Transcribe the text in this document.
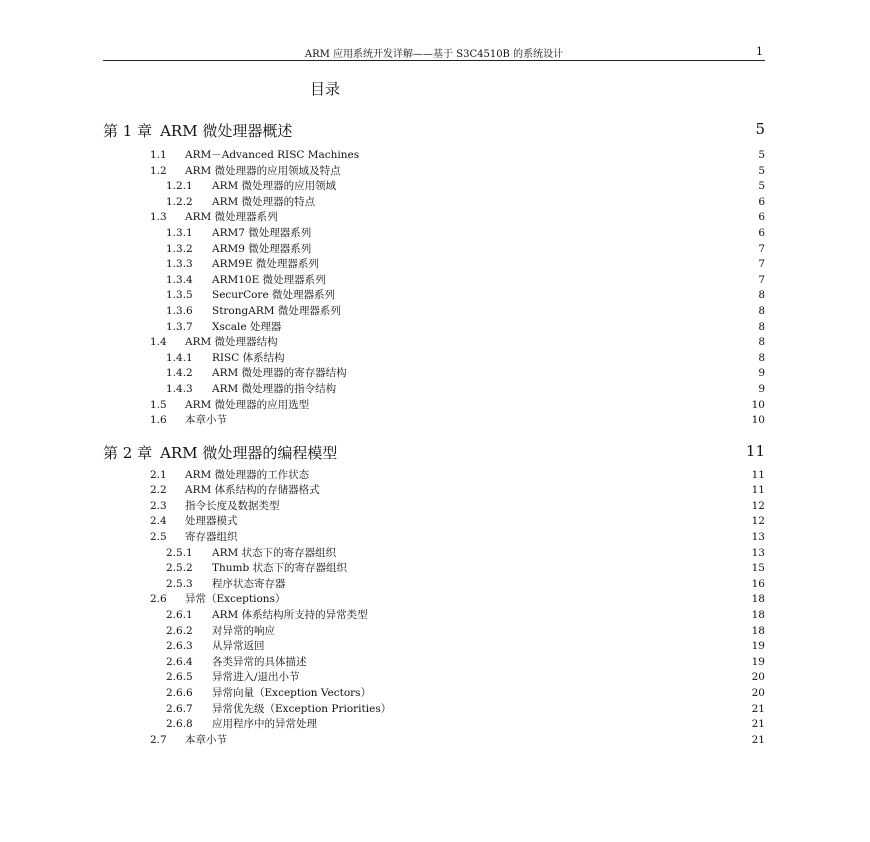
ARM 应用系统开发详解——基于 S3C4510B 的系统设计	1
目录
第 1 章 ARM 微处理器概述	5
1.1 ARM－Advanced RISC Machines	5
1.2 ARM 微处理器的应用领域及特点	5
1.2.1 ARM 微处理器的应用领域	5
1.2.2 ARM 微处理器的特点	6
1.3 ARM 微处理器系列	6
1.3.1 ARM7 微处理器系列	6
1.3.2 ARM9 微处理器系列	7
1.3.3 ARM9E 微处理器系列	7
1.3.4 ARM10E 微处理器系列	7
1.3.5 SecurCore 微处理器系列	8
1.3.6 StrongARM 微处理器系列	8
1.3.7 Xscale 处理器	8
1.4 ARM 微处理器结构	8
1.4.1 RISC 体系结构	8
1.4.2 ARM 微处理器的寄存器结构	9
1.4.3 ARM 微处理器的指令结构	9
1.5 ARM 微处理器的应用选型	10
1.6 本章小节	10
第 2 章 ARM 微处理器的编程模型	11
2.1 ARM 微处理器的工作状态	11
2.2 ARM 体系结构的存储器格式	11
2.3 指令长度及数据类型	12
2.4 处理器模式	12
2.5 寄存器组织	13
2.5.1 ARM 状态下的寄存器组织	13
2.5.2 Thumb 状态下的寄存器组织	15
2.5.3 程序状态寄存器	16
2.6 异常（Exceptions）	18
2.6.1 ARM 体系结构所支持的异常类型	18
2.6.2 对异常的响应	18
2.6.3 从异常返回	19
2.6.4 各类异常的具体描述	19
2.6.5 异常进入/退出小节	20
2.6.6 异常向量（Exception Vectors）	20
2.6.7 异常优先级（Exception Priorities）	21
2.6.8 应用程序中的异常处理	21
2.7 本章小节	21
